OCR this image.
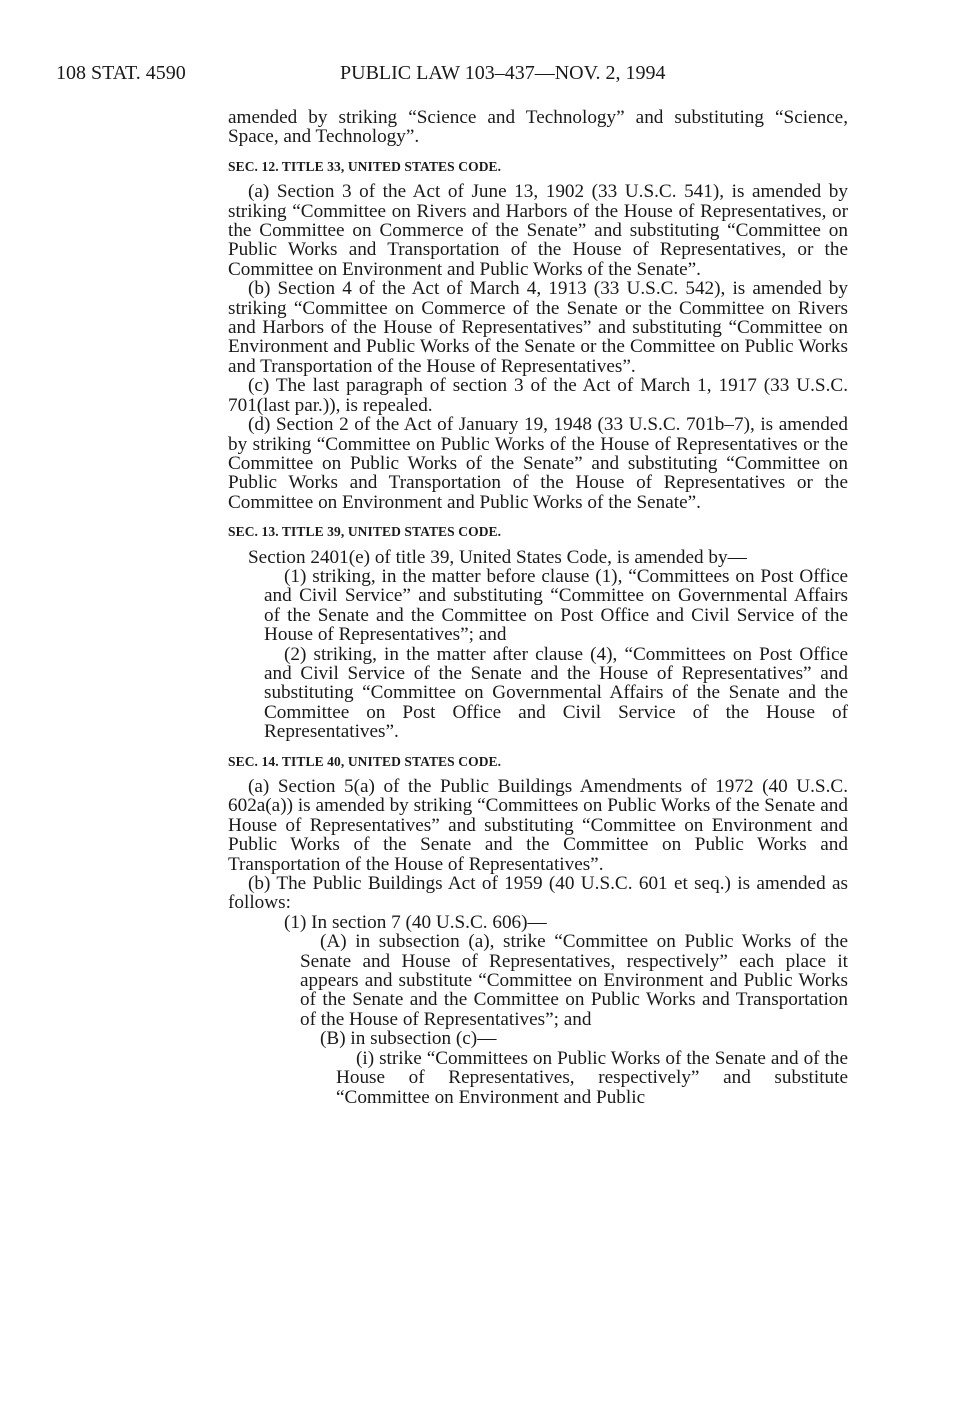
108 STAT. 4590	PUBLIC LAW 103–437—NOV. 2, 1994

amended by striking “Science and Technology” and substituting “Science, Space, and Technology”.

SEC. 12. TITLE 33, UNITED STATES CODE.

(a) Section 3 of the Act of June 13, 1902 (33 U.S.C. 541), is amended by striking “Committee on Rivers and Harbors of the House of Representatives, or the Committee on Commerce of the Senate” and substituting “Committee on Public Works and Transportation of the House of Representatives, or the Committee on Environment and Public Works of the Senate”.

(b) Section 4 of the Act of March 4, 1913 (33 U.S.C. 542), is amended by striking “Committee on Commerce of the Senate or the Committee on Rivers and Harbors of the House of Representatives” and substituting “Committee on Environment and Public Works of the Senate or the Committee on Public Works and Transportation of the House of Representatives”.

(c) The last paragraph of section 3 of the Act of March 1, 1917 (33 U.S.C. 701(last par.)), is repealed.

(d) Section 2 of the Act of January 19, 1948 (33 U.S.C. 701b–7), is amended by striking “Committee on Public Works of the House of Representatives or the Committee on Public Works of the Senate” and substituting “Committee on Public Works and Transportation of the House of Representatives or the Committee on Environment and Public Works of the Senate”.

SEC. 13. TITLE 39, UNITED STATES CODE.

Section 2401(e) of title 39, United States Code, is amended by—

(1) striking, in the matter before clause (1), “Committees on Post Office and Civil Service” and substituting “Committee on Governmental Affairs of the Senate and the Committee on Post Office and Civil Service of the House of Representatives”; and

(2) striking, in the matter after clause (4), “Committees on Post Office and Civil Service of the Senate and the House of Representatives” and substituting “Committee on Governmental Affairs of the Senate and the Committee on Post Office and Civil Service of the House of Representatives”.

SEC. 14. TITLE 40, UNITED STATES CODE.

(a) Section 5(a) of the Public Buildings Amendments of 1972 (40 U.S.C. 602a(a)) is amended by striking “Committees on Public Works of the Senate and House of Representatives” and substituting “Committee on Environment and Public Works of the Senate and the Committee on Public Works and Transportation of the House of Representatives”.

(b) The Public Buildings Act of 1959 (40 U.S.C. 601 et seq.) is amended as follows:

(1) In section 7 (40 U.S.C. 606)—

(A) in subsection (a), strike “Committee on Public Works of the Senate and House of Representatives, respectively” each place it appears and substitute “Committee on Environment and Public Works of the Senate and the Committee on Public Works and Transportation of the House of Representatives”; and

(B) in subsection (c)—

(i) strike “Committees on Public Works of the Senate and of the House of Representatives, respectively” and substitute “Committee on Environment and Public
